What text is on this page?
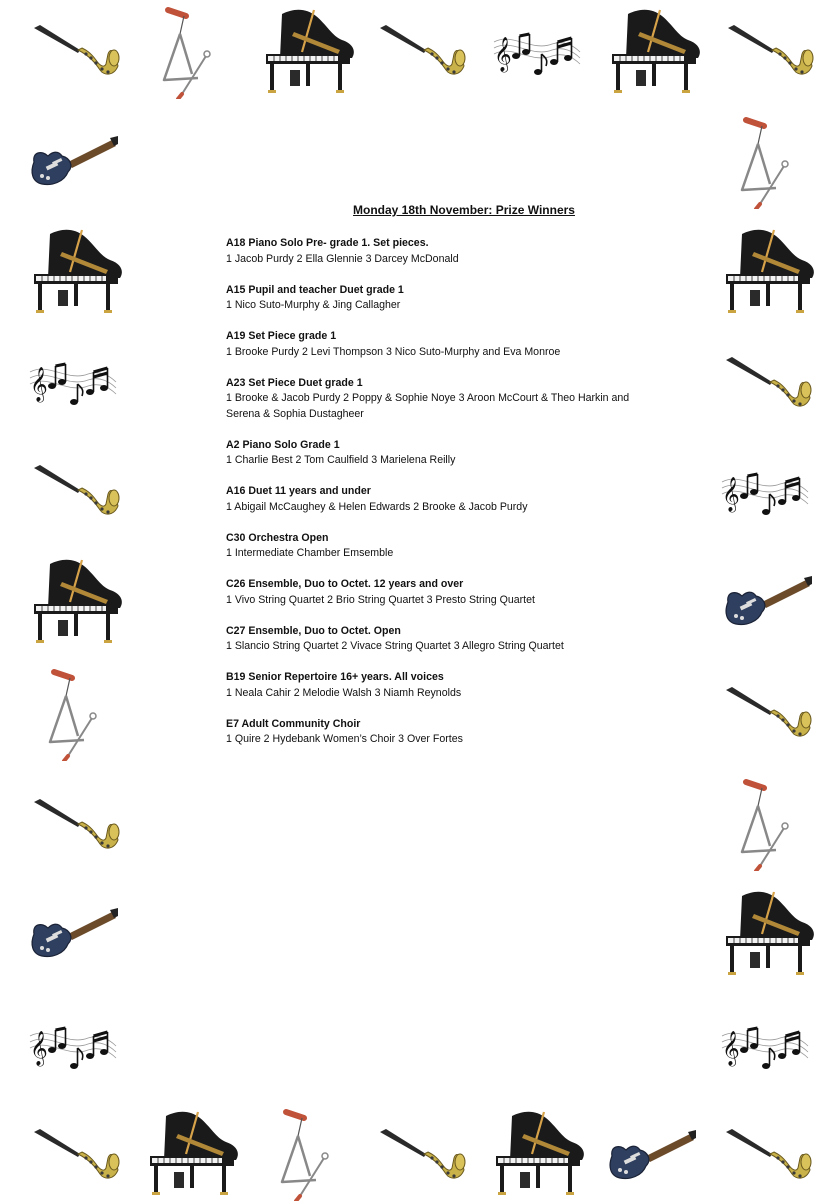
Monday 18th November: Prize Winners
A18 Piano Solo Pre- grade 1. Set pieces.
1 Jacob Purdy 2 Ella Glennie 3 Darcey McDonald
A15 Pupil and teacher Duet grade 1
1 Nico Suto-Murphy & Jing Callagher
A19 Set Piece grade 1
1 Brooke Purdy 2 Levi Thompson 3 Nico Suto-Murphy and Eva Monroe
A23 Set Piece Duet grade 1
1 Brooke & Jacob Purdy 2 Poppy & Sophie Noye 3 Aroon McCourt & Theo Harkin and Serena & Sophia Dustagheer
A2 Piano Solo Grade 1
1 Charlie Best 2 Tom Caulfield 3 Marielena Reilly
A16 Duet 11 years and under
1 Abigail McCaughey & Helen Edwards 2 Brooke & Jacob Purdy
C30 Orchestra Open
1 Intermediate Chamber Emsemble
C26 Ensemble, Duo to Octet. 12 years and over
1 Vivo String Quartet 2 Brio String Quartet 3 Presto String Quartet
C27 Ensemble, Duo to Octet. Open
1 Slancio String Quartet 2 Vivace String Quartet 3 Allegro String Quartet
B19 Senior Repertoire 16+ years. All voices
1 Neala Cahir 2 Melodie Walsh 3 Niamh Reynolds
E7 Adult Community Choir
1 Quire 2 Hydebank Women’s Choir 3 Over Fortes
